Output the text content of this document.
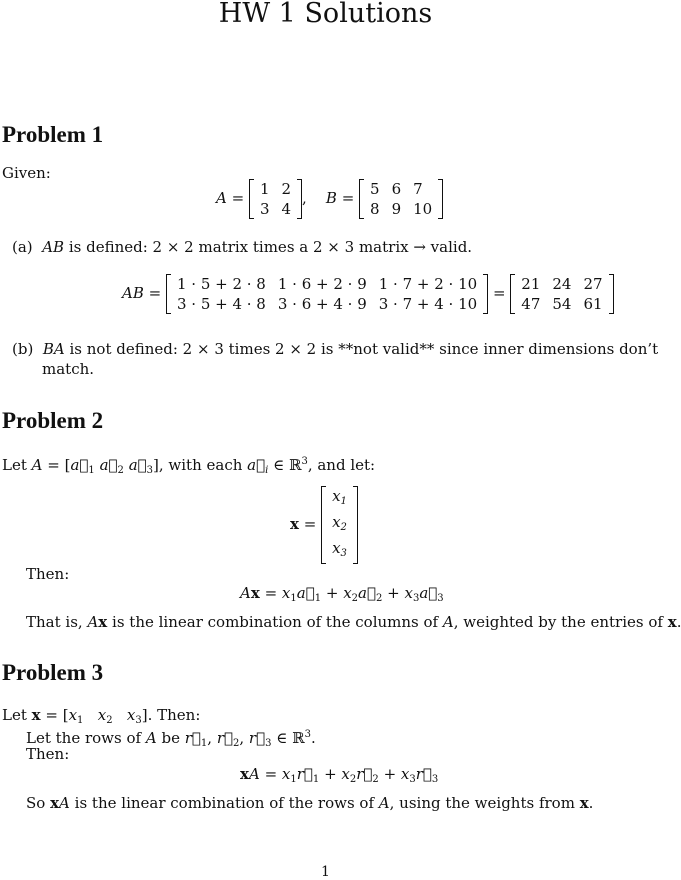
HW 1 Solutions
Problem 1
Given:
A = 1	2
3	4
,    B = 5	6	7
8	9	10
(a) AB is defined: 2 × 2 matrix times a 2 × 3 matrix → valid.
AB = 1 · 5 + 2 · 8	1 · 6 + 2 · 9	1 · 7 + 2 · 10
3 · 5 + 4 · 8	3 · 6 + 4 · 9	3 · 7 + 4 · 10
= 21	24	27
47	54	61
(b) BA is not defined: 2 × 3 times 2 × 2 is **not valid** since inner dimensions don’t
match.
Problem 2
Let $A = [a⃗_1$ $a⃗_2$ $a⃗_3$], with each $a⃗_i$ ∈ ℝ$^3$, and let:
x =
$x_1$
$x_2$
$x_3$
Then:
$Ax = x_1a⃗_1$ + $x_2a⃗_2$ + $x_3a⃗_3$
That is, Ax is the linear combination of the columns of A, weighted by the entries of x.
Problem 3
Let $x = [x_1$ $x_2$ $x_3$]. Then:
Let the rows of A be $r⃗_1$, $r⃗_2$, $r⃗_3$ ∈ ℝ$^3$.
Then:
xA = $x_1r⃗_1$ + $x_2r⃗_2$ + $x_3r⃗_3$
So xA is the linear combination of the rows of A, using the weights from x.
1
